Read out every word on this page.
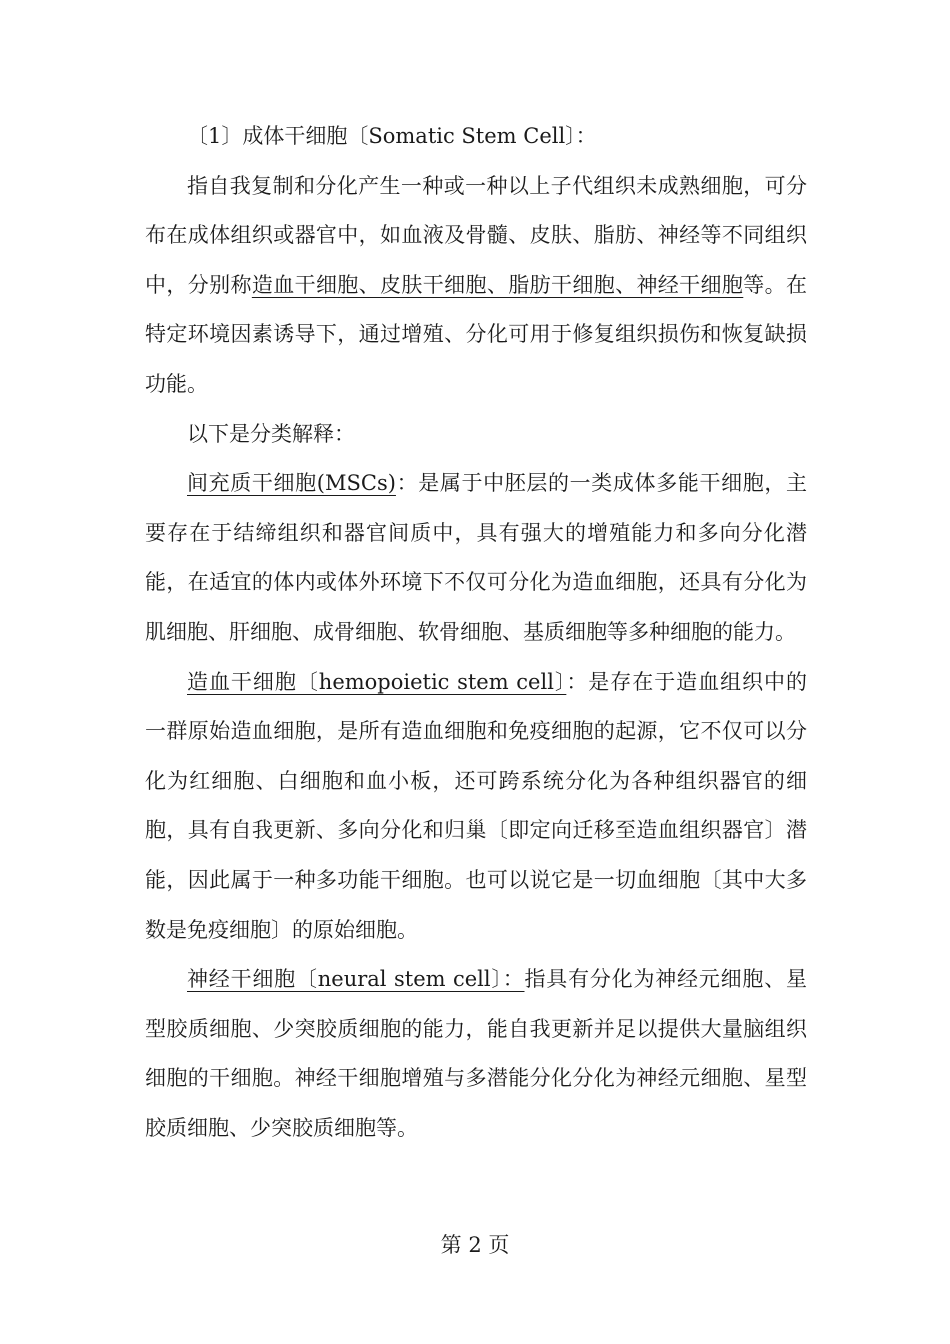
〔1〕成体干细胞〔Somatic Stem Cell〕：

指自我复制和分化产生一种或一种以上子代组织未成熟细胞，可分布在成体组织或器官中，如血液及骨髓、皮肤、脂肪、神经等不同组织中，分别称造血干细胞、皮肤干细胞、脂肪干细胞、神经干细胞等。在特定环境因素诱导下，通过增殖、分化可用于修复组织损伤和恢复缺损功能。

以下是分类解释：

间充质干细胞(MSCs)：是属于中胚层的一类成体多能干细胞，主要存在于结缔组织和器官间质中，具有强大的增殖能力和多向分化潜能，在适宜的体内或体外环境下不仅可分化为造血细胞，还具有分化为肌细胞、肝细胞、成骨细胞、软骨细胞、基质细胞等多种细胞的能力。

造血干细胞〔hemopoietic stem cell〕：是存在于造血组织中的一群原始造血细胞，是所有造血细胞和免疫细胞的起源，它不仅可以分化为红细胞、白细胞和血小板，还可跨系统分化为各种组织器官的细胞，具有自我更新、多向分化和归巢〔即定向迁移至造血组织器官〕潜能，因此属于一种多功能干细胞。也可以说它是一切血细胞〔其中大多数是免疫细胞〕的原始细胞。

神经干细胞〔neural stem cell〕：指具有分化为神经元细胞、星型胶质细胞、少突胶质细胞的能力，能自我更新并足以提供大量脑组织细胞的干细胞。神经干细胞增殖与多潜能分化分化为神经元细胞、星型胶质细胞、少突胶质细胞等。

第 2 页
